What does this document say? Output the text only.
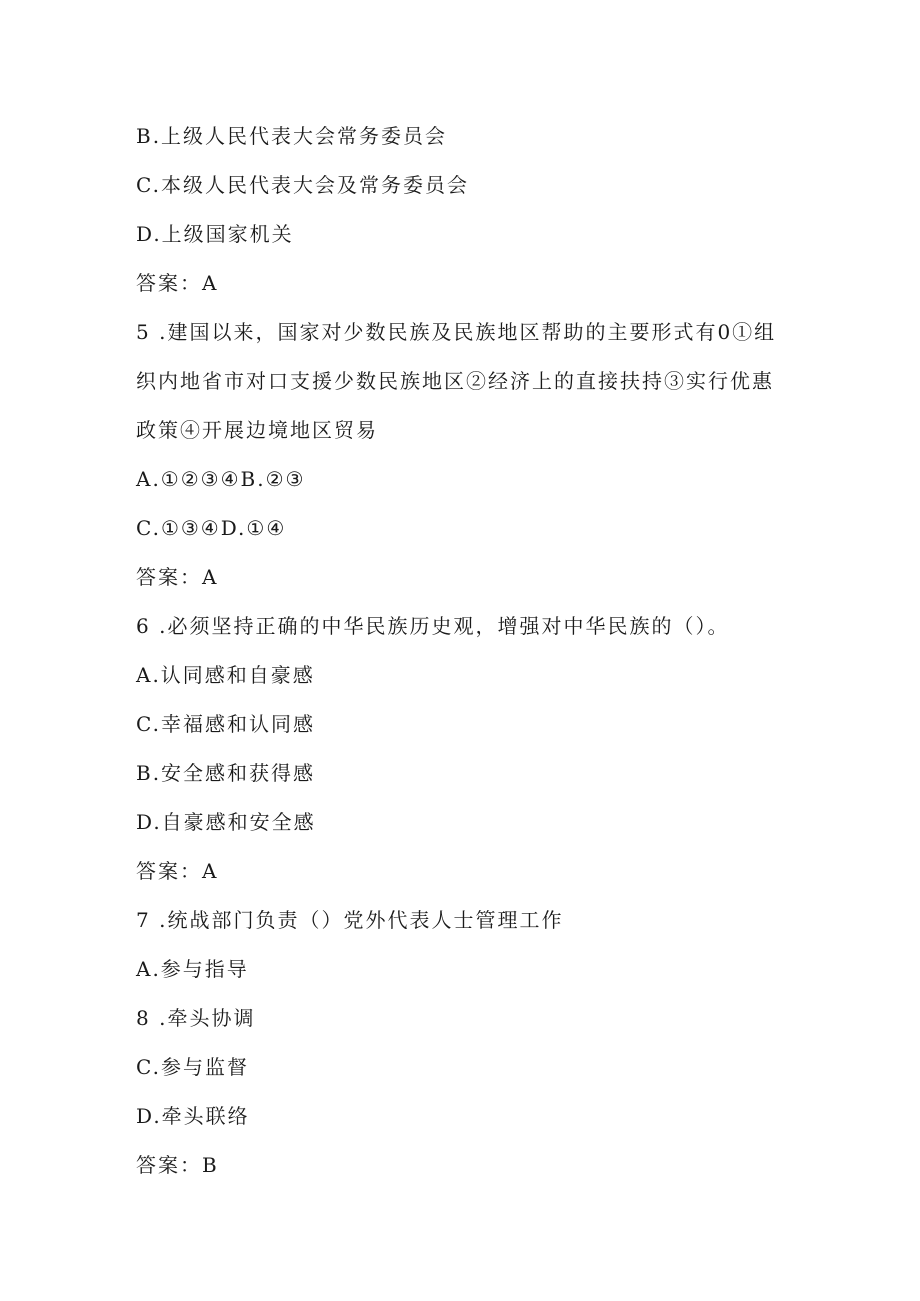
B.上级人民代表大会常务委员会
C.本级人民代表大会及常务委员会
D.上级国家机关
答案：A
5 .建国以来，国家对少数民族及民族地区帮助的主要形式有0①组
织内地省市对口支援少数民族地区②经济上的直接扶持③实行优惠
政策④开展边境地区贸易
A.①②③④B.②③
C.①③④D.①④
答案：A
6 .必须坚持正确的中华民族历史观，增强对中华民族的（）。
A.认同感和自豪感
C.幸福感和认同感
B.安全感和获得感
D.自豪感和安全感
答案：A
7 .统战部门负责（）党外代表人士管理工作
A.参与指导
8 .牵头协调
C.参与监督
D.牵头联络
答案：B
